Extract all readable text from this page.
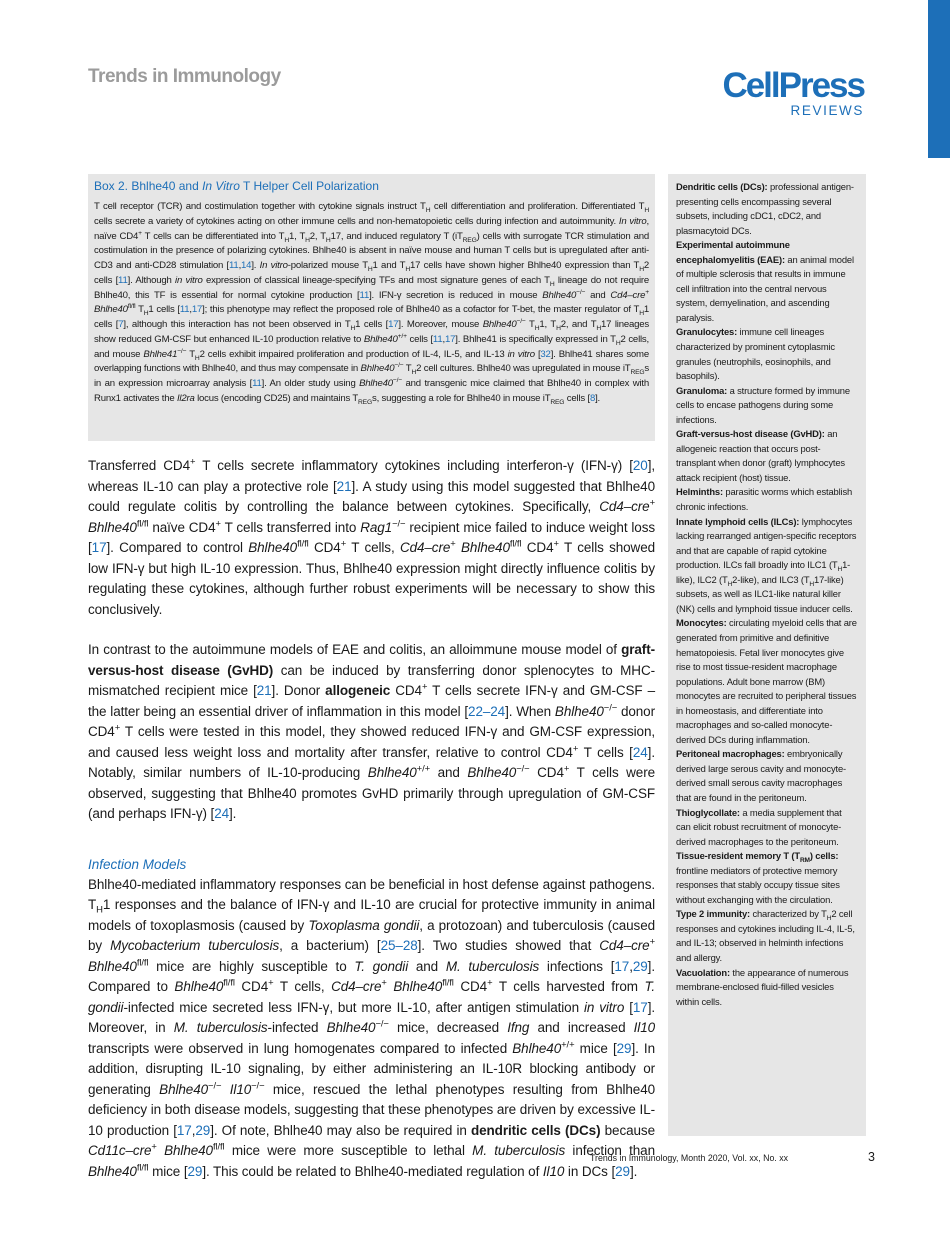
Trends in Immunology	CellPress
REVIEWS
Box 2. Bhlhe40 and In Vitro T Helper Cell Polarization
T cell receptor (TCR) and costimulation together with cytokine signals instruct $T_H$ cell differentiation and proliferation. Differentiated $T_H$ cells secrete a variety of cytokines acting on other immune cells and non-hematopoietic cells during infection and autoimmunity. In vitro, naïve CD4+ T cells can be differentiated into $T_H1$, $T_H2$, $T_H17$, and induced regulatory T $(iT_{REG})$ cells with surrogate TCR stimulation and costimulation in the presence of polarizing cytokines. Bhlhe40 is absent in naïve mouse and human T cells but is upregulated after anti-CD3 and anti-CD28 stimulation [11,14]. In vitro-polarized mouse $T_H1$ and $T_H17$ cells have shown higher Bhlhe40 expression than $T_H2$ cells [11]. Although in vitro expression of classical lineage-specifying TFs and most signature genes of each $T_H$ lineage do not require Bhlhe40, this TF is essential for normal cytokine production [11]. IFN-γ secretion is reduced in mouse Bhlhe40−/− and Cd4–cre+ $Bhlhe40^{fl/fl}$ $T_H1$ cells [11,17]; this phenotype may reflect the proposed role of Bhlhe40 as a cofactor for T-bet, the master regulator of $T_H1$ cells [7], although this interaction has not been observed in $T_H1$ cells [17]. Moreover, mouse Bhlhe40−/− $T_H1$, $T_H2$, and $T_H17$ lineages show reduced GM-CSF but enhanced IL-10 production relative to Bhlhe40+/+ cells [11,17]. Bhlhe41 is specifically expressed in $T_H2$ cells, and mouse Bhlhe41−/− $T_H2$ cells exhibit impaired proliferation and production of IL-4, IL-5, and IL-13 in vitro [32]. Bhlhe41 shares some overlapping functions with Bhlhe40, and thus may compensate in Bhlhe40−/− $T_H2$ cell cultures. Bhlhe40 was upregulated in mouse $iT_{REG}s$ in an expression microarray analysis [11]. An older study using Bhlhe40−/− and transgenic mice claimed that Bhlhe40 in complex with Runx1 activates the Il2ra locus (encoding CD25) and maintains $T_{REG}s$, suggesting a role for Bhlhe40 in mouse $iT_{REG}$ cells [8].

Transferred CD4+ T cells secrete inflammatory cytokines including interferon-γ (IFN-γ) [20], whereas IL-10 can play a protective role [21]. A study using this model suggested that Bhlhe40 could regulate colitis by controlling the balance between cytokines. Specifically, Cd4–cre+ $Bhlhe40^{fl/fl}$ naïve CD4+ T cells transferred into Rag1−/− recipient mice failed to induce weight loss [17]. Compared to control $Bhlhe40^{fl/fl}$ CD4+ T cells, Cd4–cre+ $Bhlhe40^{fl/fl}$ CD4+ T cells showed low IFN-γ but high IL-10 expression. Thus, Bhlhe40 expression might directly influence colitis by regulating these cytokines, although further robust experiments will be necessary to show this conclusively.

In contrast to the autoimmune models of EAE and colitis, an alloimmune mouse model of graft-versus-host disease (GvHD) can be induced by transferring donor splenocytes to MHC-mismatched recipient mice [21]. Donor allogeneic CD4+ T cells secrete IFN-γ and GM-CSF – the latter being an essential driver of inflammation in this model [22–24]. When Bhlhe40−/− donor CD4+ T cells were tested in this model, they showed reduced IFN-γ and GM-CSF expression, and caused less weight loss and mortality after transfer, relative to control CD4+ T cells [24]. Notably, similar numbers of IL-10-producing Bhlhe40+/+ and Bhlhe40−/− CD4+ T cells were observed, suggesting that Bhlhe40 promotes GvHD primarily through upregulation of GM-CSF (and perhaps IFN-γ) [24].

Infection Models

Bhlhe40-mediated inflammatory responses can be beneficial in host defense against pathogens. $T_H1$ responses and the balance of IFN-γ and IL-10 are crucial for protective immunity in animal models of toxoplasmosis (caused by Toxoplasma gondii, a protozoan) and tuberculosis (caused by Mycobacterium tuberculosis, a bacterium) [25–28]. Two studies showed that Cd4–cre+ $Bhlhe40^{fl/fl}$ mice are highly susceptible to T. gondii and M. tuberculosis infections [17,29]. Compared to $Bhlhe40^{fl/fl}$ CD4+ T cells, Cd4–cre+ $Bhlhe40^{fl/fl}$ CD4+ T cells harvested from T. gondii-infected mice secreted less IFN-γ, but more IL-10, after antigen stimulation in vitro [17]. Moreover, in M. tuberculosis-infected Bhlhe40−/− mice, decreased Ifng and increased Il10 transcripts were observed in lung homogenates compared to infected Bhlhe40+/+ mice [29]. In addition, disrupting IL-10 signaling, by either administering an IL-10R blocking antibody or generating Bhlhe40−/− Il10−/− mice, rescued the lethal phenotypes resulting from Bhlhe40 deficiency in both disease models, suggesting that these phenotypes are driven by excessive IL-10 production [17,29]. Of note, Bhlhe40 may also be required in dendritic cells (DCs) because Cd11c–cre+ $Bhlhe40^{fl/fl}$ mice were more susceptible to lethal M. tuberculosis infection than $Bhlhe40^{fl/fl}$ mice [29]. This could be related to Bhlhe40-mediated regulation of Il10 in DCs [29].

Dendritic cells (DCs): professional antigen-presenting cells encompassing several subsets, including cDC1, cDC2, and plasmacytoid DCs.

Experimental autoimmune encephalomyelitis (EAE): an animal model of multiple sclerosis that results in immune cell infiltration into the central nervous system, demyelination, and ascending paralysis.

Granulocytes: immune cell lineages characterized by prominent cytoplasmic granules (neutrophils, eosinophils, and basophils).

Granuloma: a structure formed by immune cells to encase pathogens during some infections.

Graft-versus-host disease (GvHD): an allogeneic reaction that occurs post-transplant when donor (graft) lymphocytes attack recipient (host) tissue.

Helminths: parasitic worms which establish chronic infections.

Innate lymphoid cells (ILCs): lymphocytes lacking rearranged antigen-specific receptors and that are capable of rapid cytokine production. ILCs fall broadly into ILC1 $(T_H1-like)$, ILC2 $(T_H2-like)$, and ILC3 $(T_H17-like)$ subsets, as well as ILC1-like natural killer (NK) cells and lymphoid tissue inducer cells.

Monocytes: circulating myeloid cells that are generated from primitive and definitive hematopoiesis. Fetal liver monocytes give rise to most tissue-resident macrophage populations. Adult bone marrow (BM) monocytes are recruited to peripheral tissues in homeostasis, and differentiate into macrophages and so-called monocyte-derived DCs during inflammation.

Peritoneal macrophages: embryonically derived large serous cavity and monocyte-derived small serous cavity macrophages that are found in the peritoneum.

Thioglycollate: a media supplement that can elicit robust recruitment of monocyte-derived macrophages to the peritoneum.

Tissue-resident memory T $(T_{RM})$ cells: frontline mediators of protective memory responses that stably occupy tissue sites without exchanging with the circulation.

Type 2 immunity: characterized by $T_H2$ cell responses and cytokines including IL-4, IL-5, and IL-13; observed in helminth infections and allergy.

Vacuolation: the appearance of numerous membrane-enclosed fluid-filled vesicles within cells.

Trends in Immunology, Month 2020, Vol. xx, No. xx	3
